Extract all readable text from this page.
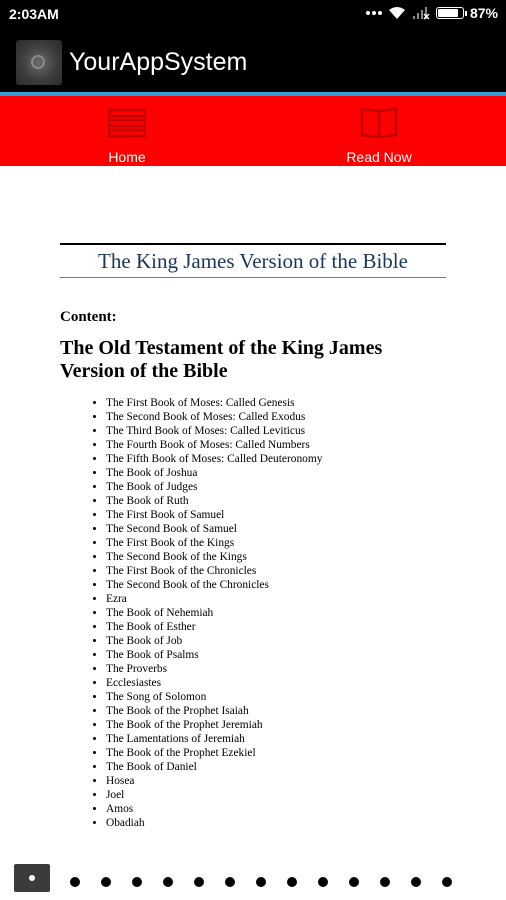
2:03AM	87%
YourAppSystem
Home	Read Now
The King James Version of the Bible
Content:
The Old Testament of the King James Version of the Bible
• The First Book of Moses: Called Genesis
• The Second Book of Moses: Called Exodus
• The Third Book of Moses: Called Leviticus
• The Fourth Book of Moses: Called Numbers
• The Fifth Book of Moses: Called Deuteronomy
• The Book of Joshua
• The Book of Judges
• The Book of Ruth
• The First Book of Samuel
• The Second Book of Samuel
• The First Book of the Kings
• The Second Book of the Kings
• The First Book of the Chronicles
• The Second Book of the Chronicles
• Ezra
• The Book of Nehemiah
• The Book of Esther
• The Book of Job
• The Book of Psalms
• The Proverbs
• Ecclesiastes
• The Song of Solomon
• The Book of the Prophet Isaiah
• The Book of the Prophet Jeremiah
• The Lamentations of Jeremiah
• The Book of the Prophet Ezekiel
• The Book of Daniel
• Hosea
• Joel
• Amos
• Obadiah
